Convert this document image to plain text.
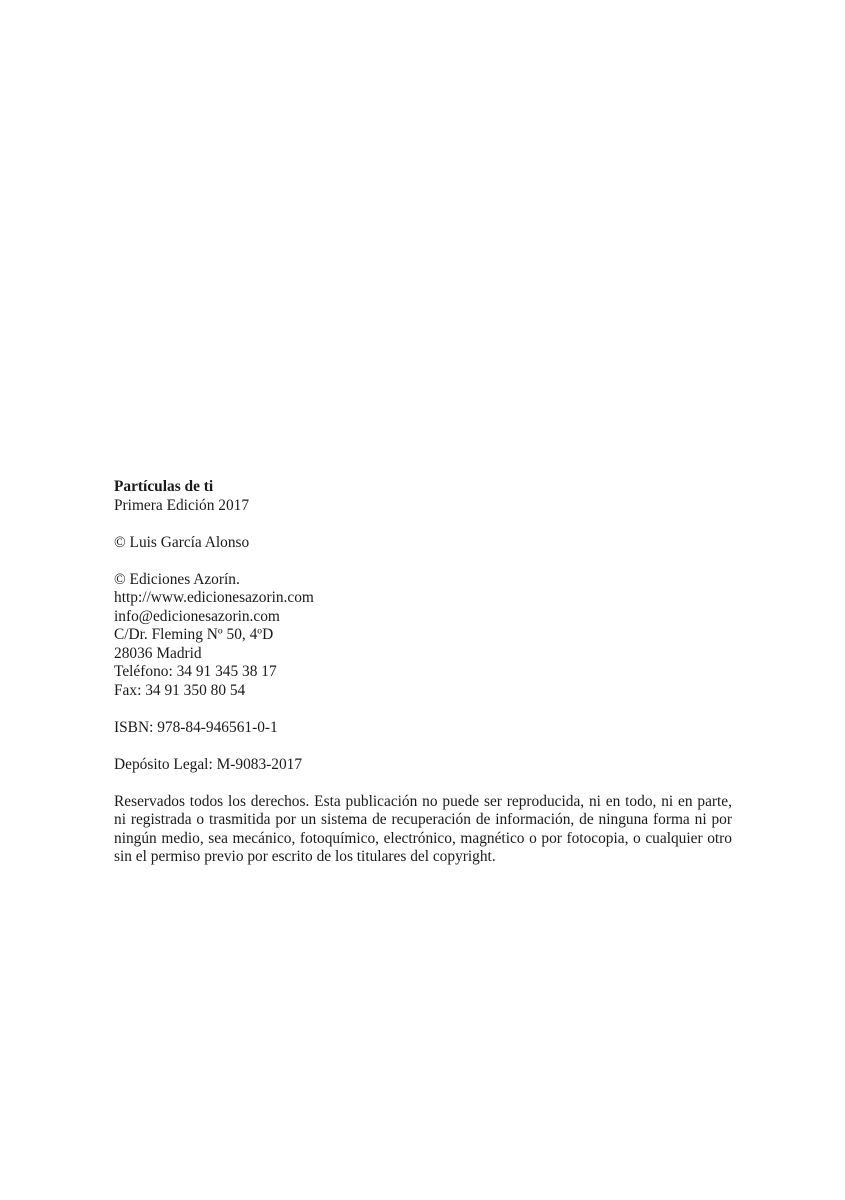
Partículas de ti
Primera Edición 2017
© Luis García Alonso
© Ediciones Azorín.
http://www.edicionesazorin.com
info@edicionesazorin.com
C/Dr. Fleming Nº 50, 4ºD
28036 Madrid
Teléfono: 34 91 345 38 17
Fax: 34 91 350 80 54
ISBN: 978-84-946561-0-1
Depósito Legal: M-9083-2017
Reservados todos los derechos. Esta publicación no puede ser reproducida, ni en todo, ni en parte, ni registrada o trasmitida por un sistema de recuperación de información, de ninguna forma ni por ningún medio, sea mecánico, fotoquímico, electrónico, magnético o por fotocopia, o cualquier otro sin el permiso previo por escrito de los titulares del copyright.
